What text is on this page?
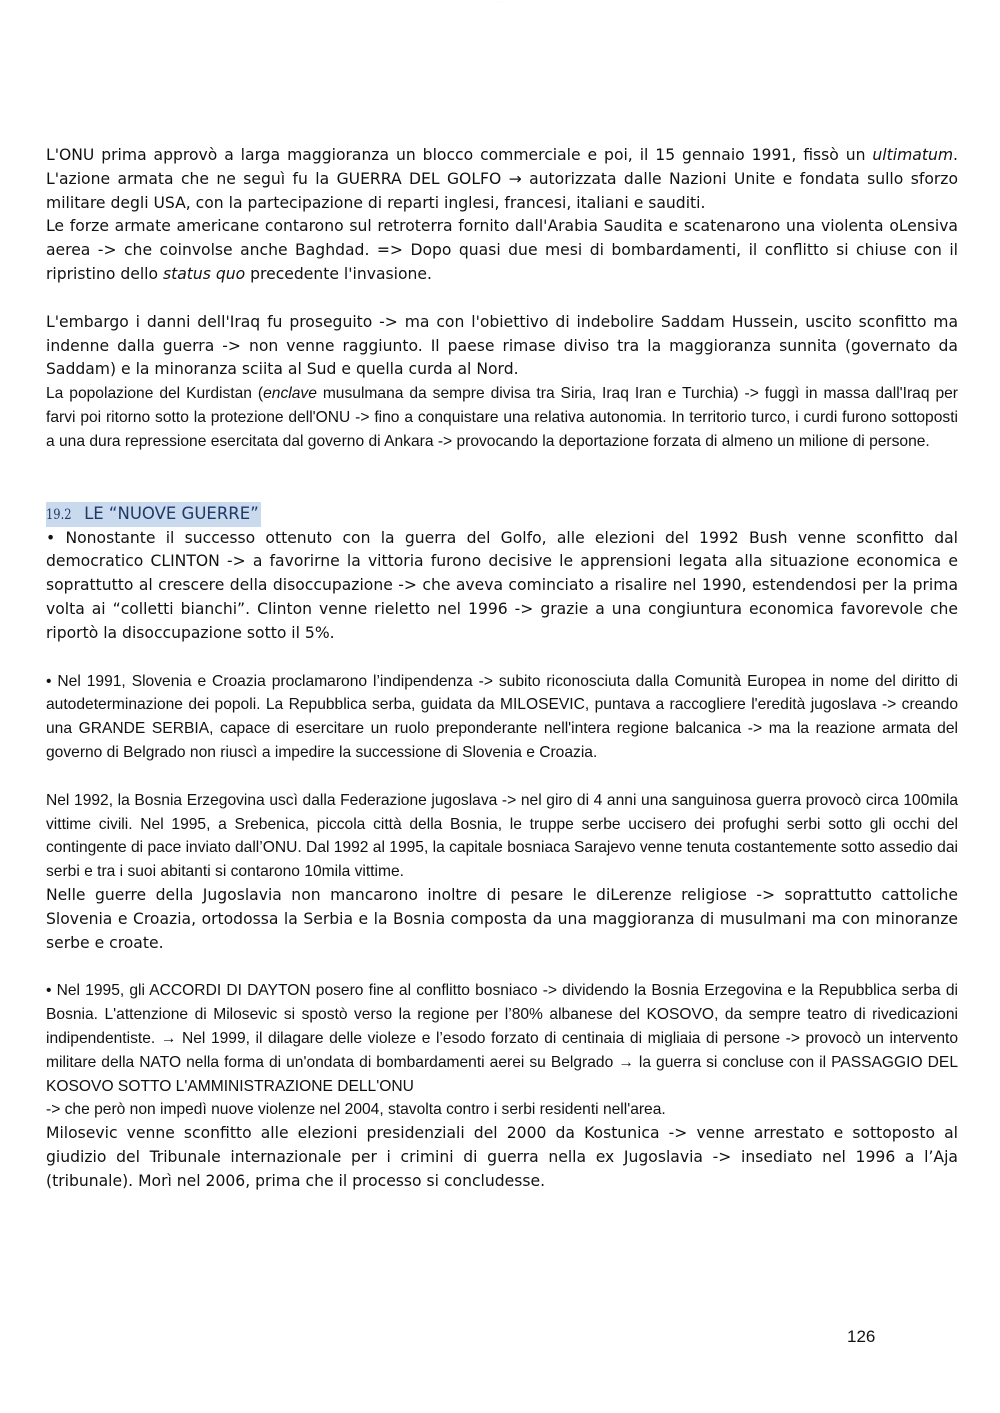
· · · · · ·

L'ONU prima approvò a larga maggioranza un blocco commerciale e poi, il 15 gennaio 1991, fissò un ultimatum. L'azione armata che ne seguì fu la GUERRA DEL GOLFO → autorizzata dalle Nazioni Unite e fondata sullo sforzo militare degli USA, con la partecipazione di reparti inglesi, francesi, italiani e sauditi.

Le forze armate americane contarono sul retroterra fornito dall'Arabia Saudita e scatenarono una violenta oLensiva aerea -> che coinvolse anche Baghdad. => Dopo quasi due mesi di bombardamenti, il conflitto si chiuse con il ripristino dello status quo precedente l'invasione.

L'embargo i danni dell'Iraq fu proseguito -> ma con l'obiettivo di indebolire Saddam Hussein, uscito sconfitto ma indenne dalla guerra -> non venne raggiunto. Il paese rimase diviso tra la maggioranza sunnita (governato da Saddam) e la minoranza sciita al Sud e quella curda al Nord.

La popolazione del Kurdistan (enclave musulmana da sempre divisa tra Siria, Iraq Iran e Turchia) -> fuggì in massa dall'Iraq per farvi poi ritorno sotto la protezione dell'ONU -> fino a conquistare una relativa autonomia. In territorio turco, i curdi furono sottoposti a una dura repressione esercitata dal governo di Ankara -> provocando la deportazione forzata di almeno un milione di persone.

19.2 LE “NUOVE GUERRE”

• Nonostante il successo ottenuto con la guerra del Golfo, alle elezioni del 1992 Bush venne sconfitto dal democratico CLINTON -> a favorirne la vittoria furono decisive le apprensioni legata alla situazione economica e soprattutto al crescere della disoccupazione -> che aveva cominciato a risalire nel 1990, estendendosi per la prima volta ai “colletti bianchi”. Clinton venne rieletto nel 1996 -> grazie a una congiuntura economica favorevole che riportò la disoccupazione sotto il 5%.

• Nel 1991, Slovenia e Croazia proclamarono l’indipendenza -> subito riconosciuta dalla Comunità Europea in nome del diritto di autodeterminazione dei popoli. La Repubblica serba, guidata da MILOSEVIC, puntava a raccogliere l'eredità jugoslava -> creando una GRANDE SERBIA, capace di esercitare un ruolo preponderante nell'intera regione balcanica -> ma la reazione armata del governo di Belgrado non riuscì a impedire la successione di Slovenia e Croazia.

Nel 1992, la Bosnia Erzegovina uscì dalla Federazione jugoslava -> nel giro di 4 anni una sanguinosa guerra provocò circa 100mila vittime civili. Nel 1995, a Srebenica, piccola città della Bosnia, le truppe serbe uccisero dei profughi serbi sotto gli occhi del contingente di pace inviato dall’ONU. Dal 1992 al 1995, la capitale bosniaca Sarajevo venne tenuta costantemente sotto assedio dai serbi e tra i suoi abitanti si contarono 10mila vittime.

Nelle guerre della Jugoslavia non mancarono inoltre di pesare le diLerenze religiose -> soprattutto cattoliche Slovenia e Croazia, ortodossa la Serbia e la Bosnia composta da una maggioranza di musulmani ma con minoranze serbe e croate.

• Nel 1995, gli ACCORDI DI DAYTON posero fine al conflitto bosniaco -> dividendo la Bosnia Erzegovina e la Repubblica serba di Bosnia. L'attenzione di Milosevic si spostò verso la regione per l’80% albanese del KOSOVO, da sempre teatro di rivedicazioni indipendentiste. → Nel 1999, il dilagare delle violeze e l’esodo forzato di centinaia di migliaia di persone -> provocò un intervento militare della NATO nella forma di un'ondata di bombardamenti aerei su Belgrado → la guerra si concluse con il PASSAGGIO DEL KOSOVO SOTTO L'AMMINISTRAZIONE DELL'ONU

-> che però non impedì nuove violenze nel 2004, stavolta contro i serbi residenti nell'area.

Milosevic venne sconfitto alle elezioni presidenziali del 2000 da Kostunica -> venne arrestato e sottoposto al giudizio del Tribunale internazionale per i crimini di guerra nella ex Jugoslavia -> insediato nel 1996 a l’Aja (tribunale). Morì nel 2006, prima che il processo si concludesse.

126
